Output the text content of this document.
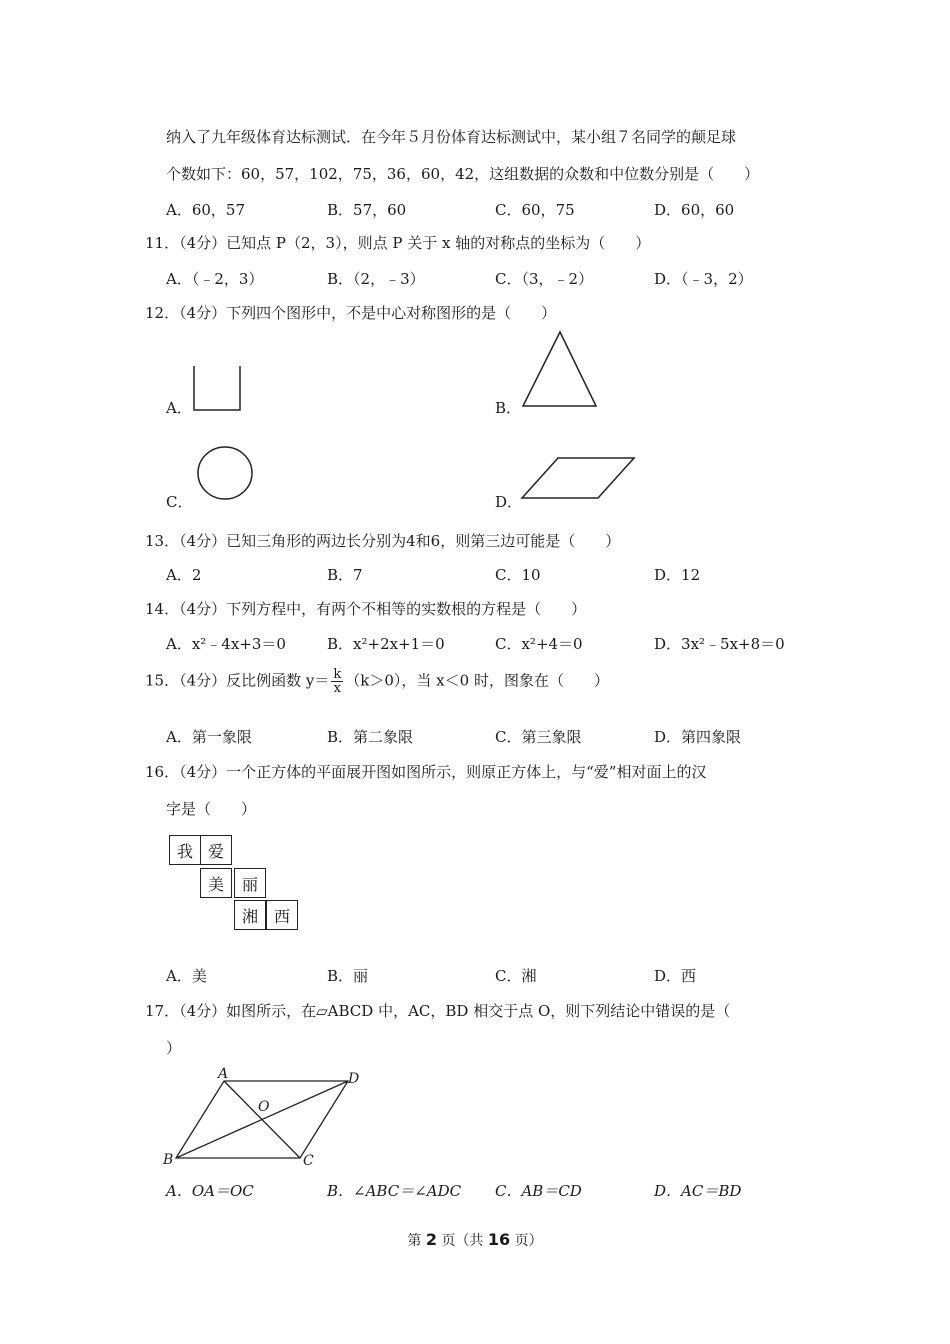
纳入了九年级体育达标测试．在今年５月份体育达标测试中，某小组７名同学的颠足球
个数如下：60，57，102，75，36，60，42，这组数据的众数和中位数分别是（　　）
A．60，57	B．57，60	C．60，75	D．60，60
11．（4分）已知点 P（2，3），则点 P 关于 x 轴的对称点的坐标为（　　）
A．（﹣2，3）	B．（2，﹣3）	C．（3，﹣2）	D．（﹣3，2）
12．（4分）下列四个图形中，不是中心对称图形的是（　　）
A．	B．
C．	D．
13．（4分）已知三角形的两边长分别为4和6，则第三边可能是（　　）
A．2	B．7	C．10	D．12
14．（4分）下列方程中，有两个不相等的实数根的方程是（　　）
A．x²﹣4x+3＝0	B．x²+2x+1＝0	C．x²+4＝0	D．3x²﹣5x+8＝0
15．（4分）反比例函数 $y= \frac{k}{x} (k>0)$，当 x＜0 时，图象在（　　）
A．第一象限	B．第二象限	C．第三象限	D．第四象限
16．（4分）一个正方体的平面展开图如图所示，则原正方体上，与“爱”相对面上的汉
字是（　　）
我 爱
美	丽
湘 西
A．美	B．丽	C．湘	D．西
17．（4分）如图所示，在▱ABCD 中，AC，BD 相交于点 O，则下列结论中错误的是（
）
A	D
B	C
O
A．OA＝OC	B．∠ABC＝∠ADC C．AB＝CD	D．AC＝BD
第 2 页（共 16 页）
